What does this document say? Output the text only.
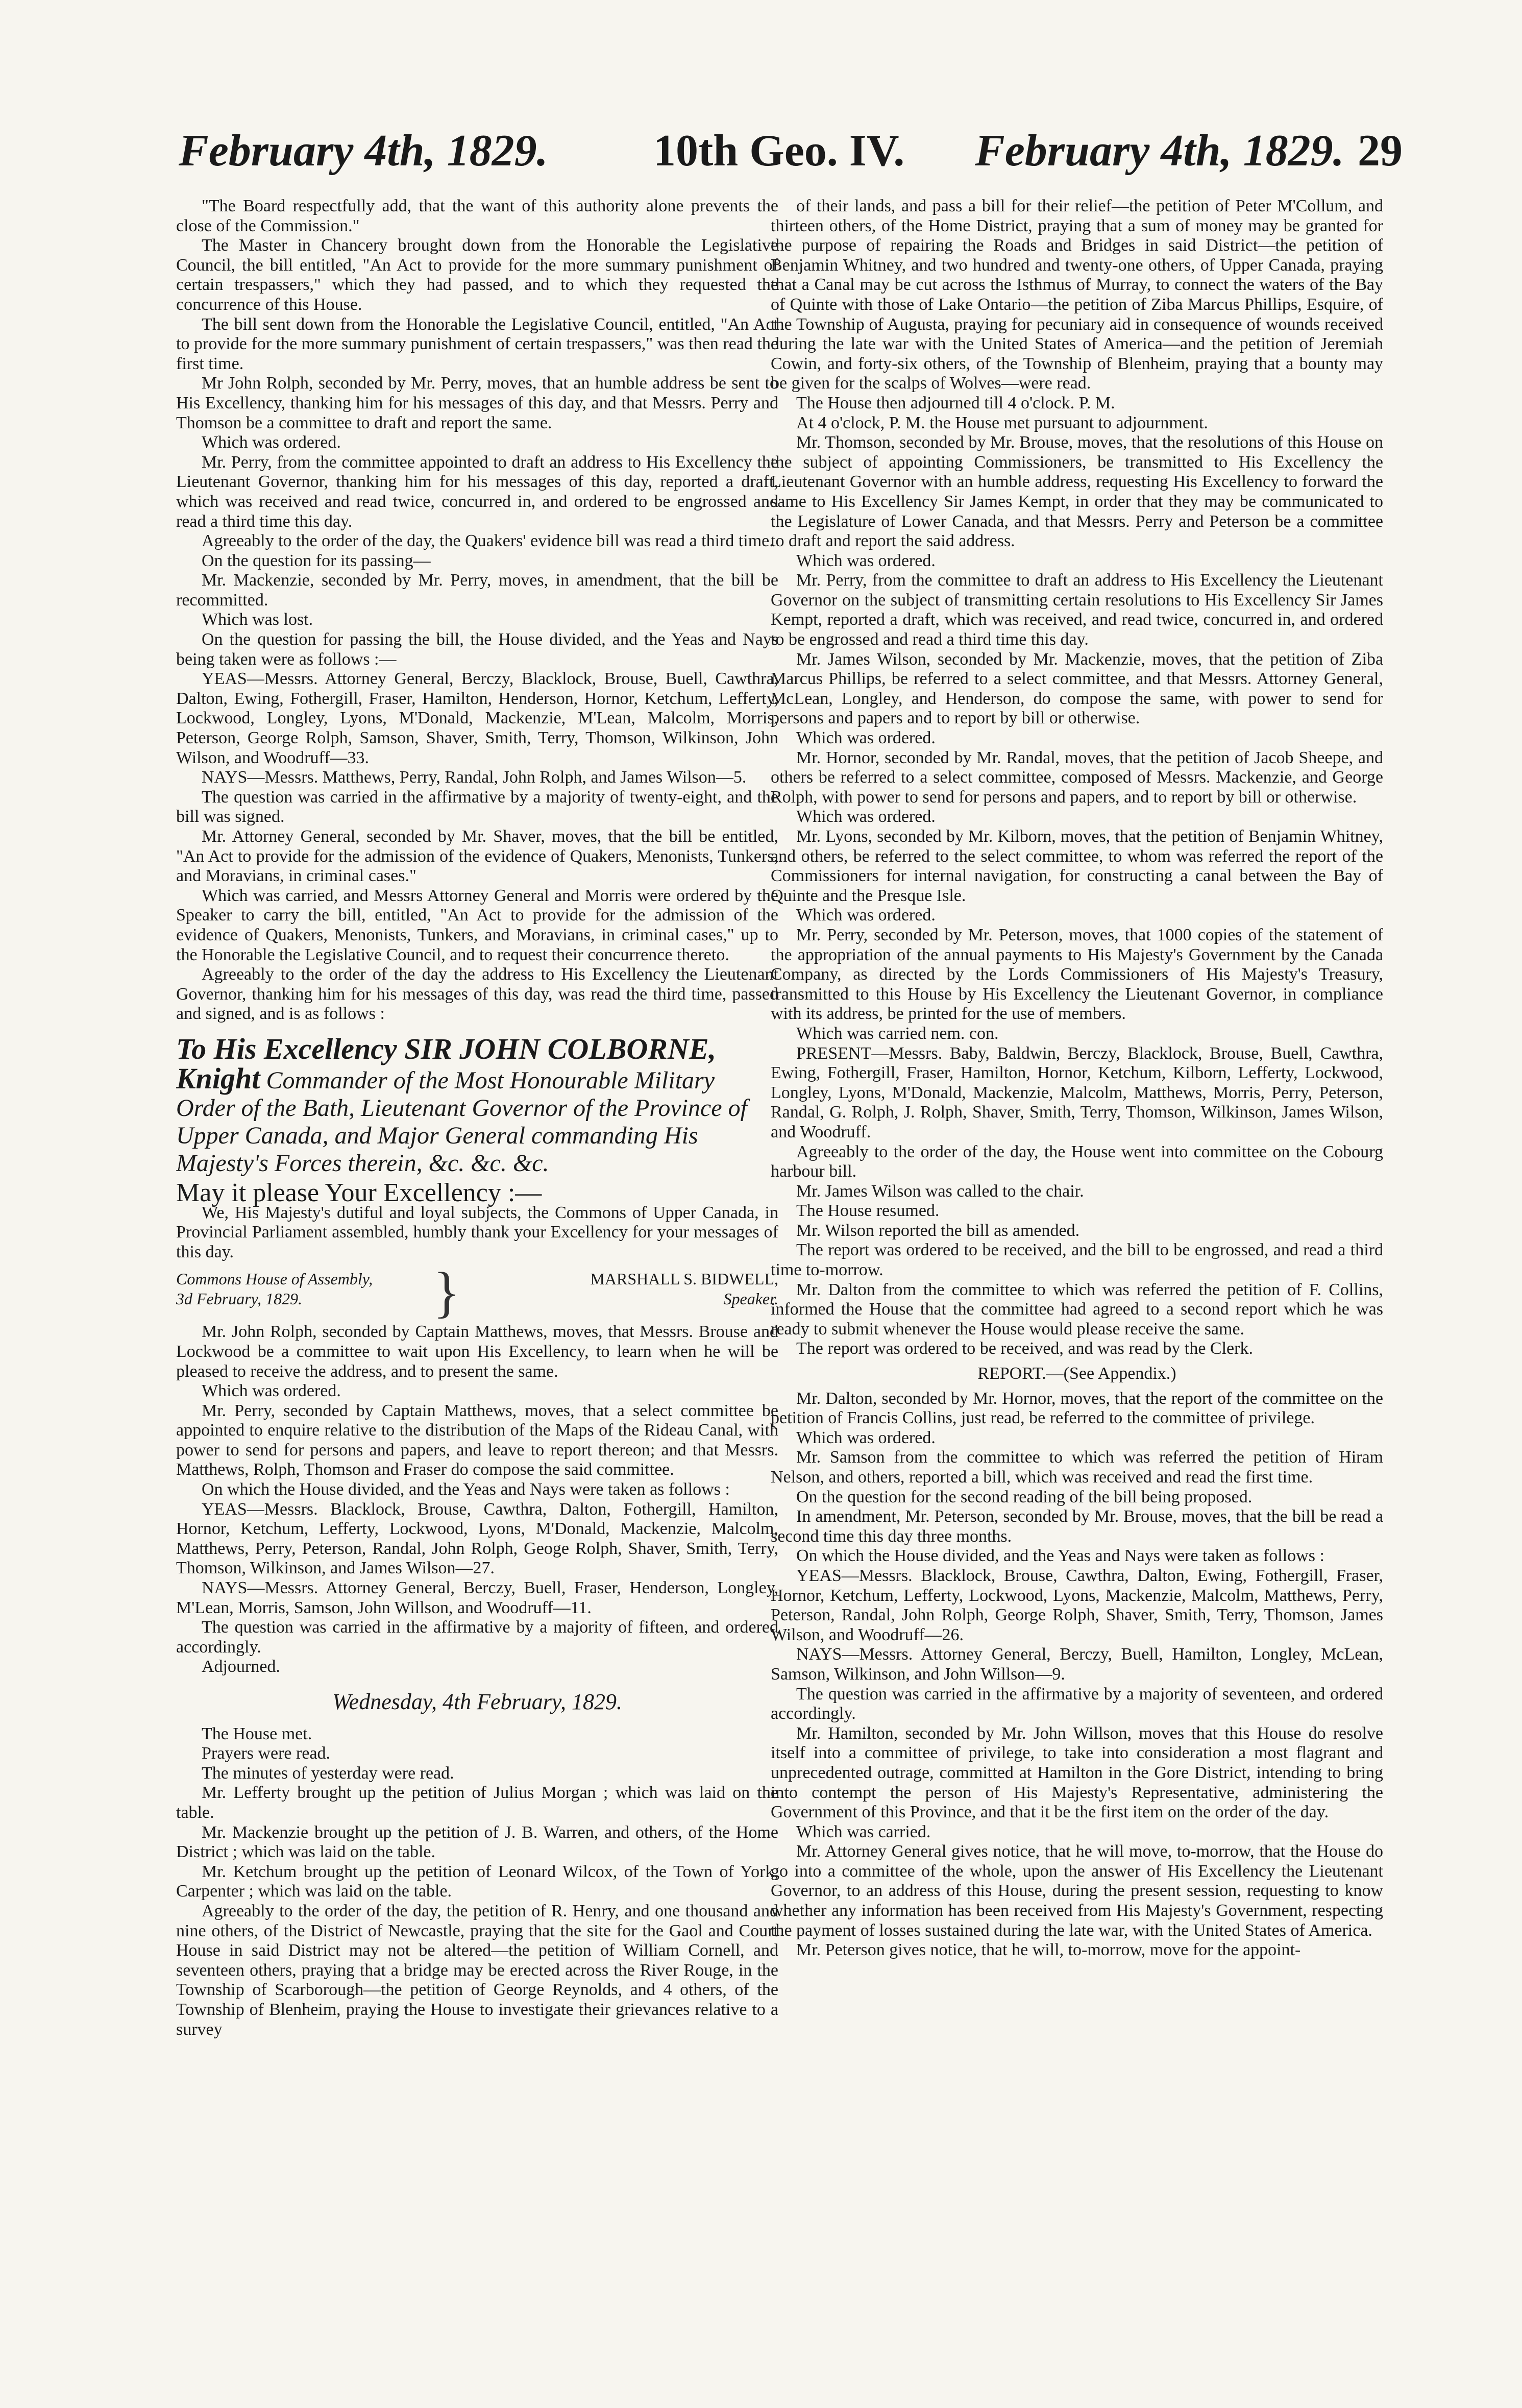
February 4th, 1829. 10th Geo. IV. February 4th, 1829. 29

"The Board respectfully add, that the want of this authority alone prevents the close of the Commission."

The Master in Chancery brought down from the Honorable the Legislative Council, the bill entitled, "An Act to provide for the more summary punishment of certain trespassers," which they had passed, and to which they requested the concurrence of this House.

The bill sent down from the Honorable the Legislative Council, entitled, "An Act to provide for the more summary punishment of certain trespassers," was then read the first time.

Mr John Rolph, seconded by Mr. Perry, moves, that an humble address be sent to His Excellency, thanking him for his messages of this day, and that Messrs. Perry and Thomson be a committee to draft and report the same.

Which was ordered.

Mr. Perry, from the committee appointed to draft an address to His Excellency the Lieutenant Governor, thanking him for his messages of this day, reported a draft, which was received and read twice, concurred in, and ordered to be engrossed and read a third time this day.

Agreeably to the order of the day, the Quakers' evidence bill was read a third time.

On the question for its passing—

Mr. Mackenzie, seconded by Mr. Perry, moves, in amendment, that the bill be recommitted.

Which was lost.

On the question for passing the bill, the House divided, and the Yeas and Nays being taken were as follows :—

YEAS—Messrs. Attorney General, Berczy, Blacklock, Brouse, Buell, Cawthra, Dalton, Ewing, Fothergill, Fraser, Hamilton, Henderson, Hornor, Ketchum, Lefferty, Lockwood, Longley, Lyons, M'Donald, Mackenzie, M'Lean, Malcolm, Morris, Peterson, George Rolph, Samson, Shaver, Smith, Terry, Thomson, Wilkinson, John Wilson, and Woodruff—33.

NAYS—Messrs. Matthews, Perry, Randal, John Rolph, and James Wilson—5.

The question was carried in the affirmative by a majority of twenty-eight, and the bill was signed.

Mr. Attorney General, seconded by Mr. Shaver, moves, that the bill be entitled, "An Act to provide for the admission of the evidence of Quakers, Menonists, Tunkers, and Moravians, in criminal cases."

Which was carried, and Messrs Attorney General and Morris were ordered by the Speaker to carry the bill, entitled, "An Act to provide for the admission of the evidence of Quakers, Menonists, Tunkers, and Moravians, in criminal cases," up to the Honorable the Legislative Council, and to request their concurrence thereto.

Agreeably to the order of the day the address to His Excellency the Lieutenant Governor, thanking him for his messages of this day, was read the third time, passed and signed, and is as follows :

To His Excellency SIR JOHN COLBORNE, Knight Commander of the Most Honourable Military Order of the Bath, Lieutenant Governor of the Province of Upper Canada, and Major General commanding His Majesty's Forces therein, &c. &c. &c.

May it please Your Excellency :—

We, His Majesty's dutiful and loyal subjects, the Commons of Upper Canada, in Provincial Parliament assembled, humbly thank your Excellency for your messages of this day.

Commons House of Assembly,
3d February, 1829.	}	MARSHALL S. BIDWELL,
Speaker.

Mr. John Rolph, seconded by Captain Matthews, moves, that Messrs. Brouse and Lockwood be a committee to wait upon His Excellency, to learn when he will be pleased to receive the address, and to present the same.

Which was ordered.

Mr. Perry, seconded by Captain Matthews, moves, that a select committee be appointed to enquire relative to the distribution of the Maps of the Rideau Canal, with power to send for persons and papers, and leave to report thereon; and that Messrs. Matthews, Rolph, Thomson and Fraser do compose the said committee.

On which the House divided, and the Yeas and Nays were taken as follows :

YEAS—Messrs. Blacklock, Brouse, Cawthra, Dalton, Fothergill, Hamilton, Hornor, Ketchum, Lefferty, Lockwood, Lyons, M'Donald, Mackenzie, Malcolm, Matthews, Perry, Peterson, Randal, John Rolph, Geoge Rolph, Shaver, Smith, Terry, Thomson, Wilkinson, and James Wilson—27.

NAYS—Messrs. Attorney General, Berczy, Buell, Fraser, Henderson, Longley, M'Lean, Morris, Samson, John Willson, and Woodruff—11.

The question was carried in the affirmative by a majority of fifteen, and ordered accordingly.

Adjourned.

Wednesday, 4th February, 1829.

The House met.

Prayers were read.

The minutes of yesterday were read.

Mr. Lefferty brought up the petition of Julius Morgan ; which was laid on the table.

Mr. Mackenzie brought up the petition of J. B. Warren, and others, of the Home District ; which was laid on the table.

Mr. Ketchum brought up the petition of Leonard Wilcox, of the Town of York, Carpenter ; which was laid on the table.

Agreeably to the order of the day, the petition of R. Henry, and one thousand and nine others, of the District of Newcastle, praying that the site for the Gaol and Court House in said District may not be altered—the petition of William Cornell, and seventeen others, praying that a bridge may be erected across the River Rouge, in the Township of Scarborough—the petition of George Reynolds, and 4 others, of the Township of Blenheim, praying the House to investigate their grievances relative to a survey

of their lands, and pass a bill for their relief—the petition of Peter M'Collum, and thirteen others, of the Home District, praying that a sum of money may be granted for the purpose of repairing the Roads and Bridges in said District—the petition of Benjamin Whitney, and two hundred and twenty-one others, of Upper Canada, praying that a Canal may be cut across the Isthmus of Murray, to connect the waters of the Bay of Quinte with those of Lake Ontario—the petition of Ziba Marcus Phillips, Esquire, of the Township of Augusta, praying for pecuniary aid in consequence of wounds received during the late war with the United States of America—and the petition of Jeremiah Cowin, and forty-six others, of the Township of Blenheim, praying that a bounty may be given for the scalps of Wolves—were read.

The House then adjourned till 4 o'clock. P. M.

At 4 o'clock, P. M. the House met pursuant to adjournment.

Mr. Thomson, seconded by Mr. Brouse, moves, that the resolutions of this House on the subject of appointing Commissioners, be transmitted to His Excellency the Lieutenant Governor with an humble address, requesting His Excellency to forward the same to His Excellency Sir James Kempt, in order that they may be communicated to the Legislature of Lower Canada, and that Messrs. Perry and Peterson be a committee to draft and report the said address.

Which was ordered.

Mr. Perry, from the committee to draft an address to His Excellency the Lieutenant Governor on the subject of transmitting certain resolutions to His Excellency Sir James Kempt, reported a draft, which was received, and read twice, concurred in, and ordered to be engrossed and read a third time this day.

Mr. James Wilson, seconded by Mr. Mackenzie, moves, that the petition of Ziba Marcus Phillips, be referred to a select committee, and that Messrs. Attorney General, McLean, Longley, and Henderson, do compose the same, with power to send for persons and papers and to report by bill or otherwise.

Which was ordered.

Mr. Hornor, seconded by Mr. Randal, moves, that the petition of Jacob Sheepe, and others be referred to a select committee, composed of Messrs. Mackenzie, and George Rolph, with power to send for persons and papers, and to report by bill or otherwise.

Which was ordered.

Mr. Lyons, seconded by Mr. Kilborn, moves, that the petition of Benjamin Whitney, and others, be referred to the select committee, to whom was referred the report of the Commissioners for internal navigation, for constructing a canal between the Bay of Quinte and the Presque Isle.

Which was ordered.

Mr. Perry, seconded by Mr. Peterson, moves, that 1000 copies of the statement of the appropriation of the annual payments to His Majesty's Government by the Canada Company, as directed by the Lords Commissioners of His Majesty's Treasury, transmitted to this House by His Excellency the Lieutenant Governor, in compliance with its address, be printed for the use of members.

Which was carried nem. con.

PRESENT—Messrs. Baby, Baldwin, Berczy, Blacklock, Brouse, Buell, Cawthra, Ewing, Fothergill, Fraser, Hamilton, Hornor, Ketchum, Kilborn, Lefferty, Lockwood, Longley, Lyons, M'Donald, Mackenzie, Malcolm, Matthews, Morris, Perry, Peterson, Randal, G. Rolph, J. Rolph, Shaver, Smith, Terry, Thomson, Wilkinson, James Wilson, and Woodruff.

Agreeably to the order of the day, the House went into committee on the Cobourg harbour bill.

Mr. James Wilson was called to the chair.

The House resumed.

Mr. Wilson reported the bill as amended.

The report was ordered to be received, and the bill to be engrossed, and read a third time to-morrow.

Mr. Dalton from the committee to which was referred the petition of F. Collins, informed the House that the committee had agreed to a second report which he was ready to submit whenever the House would please receive the same.

The report was ordered to be received, and was read by the Clerk.

REPORT.—(See Appendix.)

Mr. Dalton, seconded by Mr. Hornor, moves, that the report of the committee on the petition of Francis Collins, just read, be referred to the committee of privilege.

Which was ordered.

Mr. Samson from the committee to which was referred the petition of Hiram Nelson, and others, reported a bill, which was received and read the first time.

On the question for the second reading of the bill being proposed.

In amendment, Mr. Peterson, seconded by Mr. Brouse, moves, that the bill be read a second time this day three months.

On which the House divided, and the Yeas and Nays were taken as follows :

YEAS—Messrs. Blacklock, Brouse, Cawthra, Dalton, Ewing, Fothergill, Fraser, Hornor, Ketchum, Lefferty, Lockwood, Lyons, Mackenzie, Malcolm, Matthews, Perry, Peterson, Randal, John Rolph, George Rolph, Shaver, Smith, Terry, Thomson, James Wilson, and Woodruff—26.

NAYS—Messrs. Attorney General, Berczy, Buell, Hamilton, Longley, McLean, Samson, Wilkinson, and John Willson—9.

The question was carried in the affirmative by a majority of seventeen, and ordered accordingly.

Mr. Hamilton, seconded by Mr. John Willson, moves that this House do resolve itself into a committee of privilege, to take into consideration a most flagrant and unprecedented outrage, committed at Hamilton in the Gore District, intending to bring into contempt the person of His Majesty's Representative, administering the Government of this Province, and that it be the first item on the order of the day.

Which was carried.

Mr. Attorney General gives notice, that he will move, to-morrow, that the House do go into a committee of the whole, upon the answer of His Excellency the Lieutenant Governor, to an address of this House, during the present session, requesting to know whether any information has been received from His Majesty's Government, respecting the payment of losses sustained during the late war, with the United States of America.

Mr. Peterson gives notice, that he will, to-morrow, move for the appoint-
